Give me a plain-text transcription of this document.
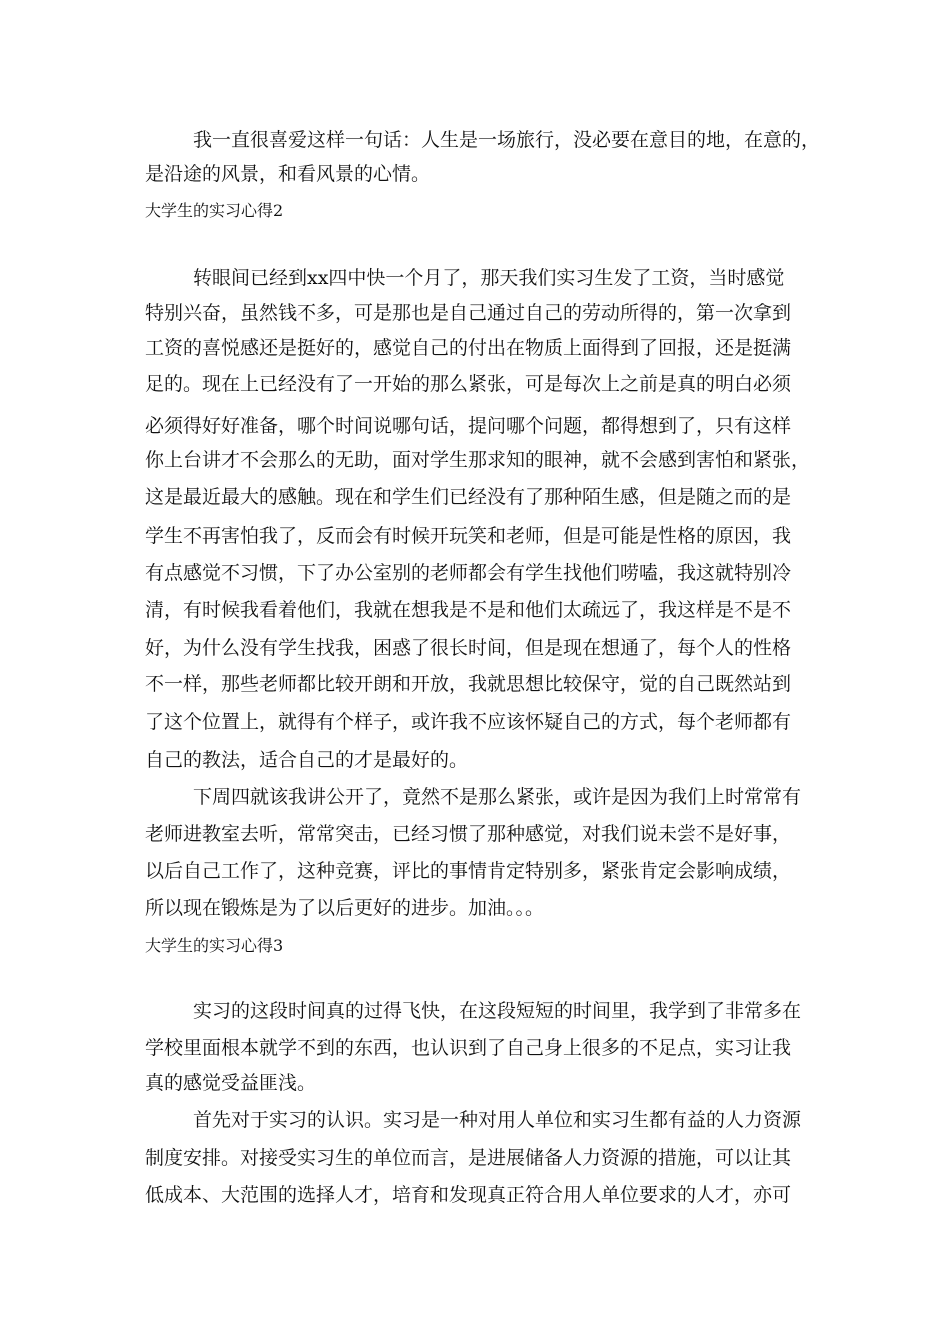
我一直很喜爱这样一句话：人生是一场旅行，没必要在意目的地，在意的，
是沿途的风景，和看风景的心情。
大学生的实习心得2
转眼间已经到xx四中快一个月了，那天我们实习生发了工资，当时感觉
特别兴奋，虽然钱不多，可是那也是自己通过自己的劳动所得的，第一次拿到
工资的喜悦感还是挺好的，感觉自己的付出在物质上面得到了回报，还是挺满
足的。现在上已经没有了一开始的那么紧张，可是每次上之前是真的明白必须
必须得好好准备，哪个时间说哪句话，提问哪个问题，都得想到了，只有这样
你上台讲才不会那么的无助，面对学生那求知的眼神，就不会感到害怕和紧张，
这是最近最大的感触。现在和学生们已经没有了那种陌生感，但是随之而的是
学生不再害怕我了，反而会有时候开玩笑和老师，但是可能是性格的原因，我
有点感觉不习惯，下了办公室别的老师都会有学生找他们唠嗑，我这就特别冷
清，有时候我看着他们，我就在想我是不是和他们太疏远了，我这样是不是不
好，为什么没有学生找我，困惑了很长时间，但是现在想通了，每个人的性格
不一样，那些老师都比较开朗和开放，我就思想比较保守，觉的自己既然站到
了这个位置上，就得有个样子，或许我不应该怀疑自己的方式，每个老师都有
自己的教法，适合自己的才是最好的。
下周四就该我讲公开了，竟然不是那么紧张，或许是因为我们上时常常有
老师进教室去听，常常突击，已经习惯了那种感觉，对我们说未尝不是好事，
以后自己工作了，这种竞赛，评比的事情肯定特别多，紧张肯定会影响成绩，
所以现在锻炼是为了以后更好的进步。加油。。。
大学生的实习心得3
实习的这段时间真的过得飞快，在这段短短的时间里，我学到了非常多在
学校里面根本就学不到的东西，也认识到了自己身上很多的不足点，实习让我
真的感觉受益匪浅。
首先对于实习的认识。实习是一种对用人单位和实习生都有益的人力资源
制度安排。对接受实习生的单位而言，是进展储备人力资源的措施，可以让其
低成本、大范围的选择人才，培育和发现真正符合用人单位要求的人才，亦可
